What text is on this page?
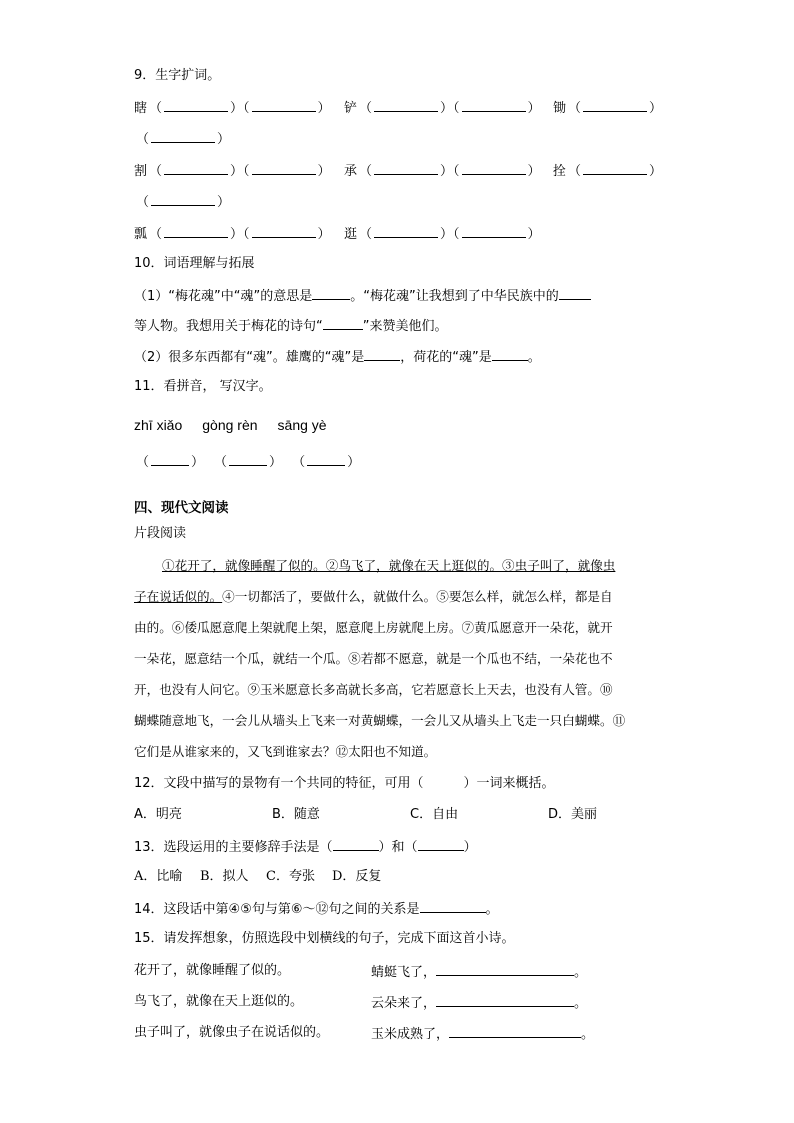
9．生字扩词。
瞎 （	）（	） 铲 （	）（	） 锄 （	）
（	）
割 （	）（	） 承 （	）（	） 拴 （	）
（	）
瓢 （	）（	） 逛 （	）（	）
10．词语理解与拓展
（1）“梅花魂”中“魂”的意思是	。“梅花魂”让我想到了中华民族中的
等人物。我想用关于梅花的诗句“	”来赞美他们。
（2）很多东西都有“魂”。雄鹰的“魂”是	，荷花的“魂”是	。
11．看拼音， 写汉字。
zhī xiǎo gòng rèn sāng yè
（	） （	） （	）
四、现代文阅读
片段阅读
①花开了，就像睡醒了似的。②鸟飞了，就像在天上逛似的。③虫子叫了，就像虫
子在说话似的。④一切都活了，要做什么，就做什么。⑤要怎么样，就怎么样，都是自
由的。⑥倭瓜愿意爬上架就爬上架，愿意爬上房就爬上房。⑦黄瓜愿意开一朵花，就开
一朵花，愿意结一个瓜，就结一个瓜。⑧若都不愿意，就是一个瓜也不结，一朵花也不
开，也没有人问它。⑨玉米愿意长多高就长多高，它若愿意长上天去，也没有人管。⑩
蝴蝶随意地飞，一会儿从墙头上飞来一对黄蝴蝶，一会儿又从墙头上飞走一只白蝴蝶。⑪
它们是从谁家来的，又飞到谁家去？⑫太阳也不知道。
12．文段中描写的景物有一个共同的特征，可用（	）一词来概括。
A．明亮	B．随意	C．自由	D．美丽
13．选段运用的主要修辞手法是（	）和（	）
A．比喻 B．拟人 C．夸张 D．反复
14．这段话中第④⑤句与第⑥～⑫句之间的关系是	。
15．请发挥想象，仿照选段中划横线的句子，完成下面这首小诗。
花开了，就像睡醒了似的。	蜻蜓飞了，	。
鸟飞了，就像在天上逛似的。	云朵来了，	。
虫子叫了，就像虫子在说话似的。	玉米成熟了，	。
